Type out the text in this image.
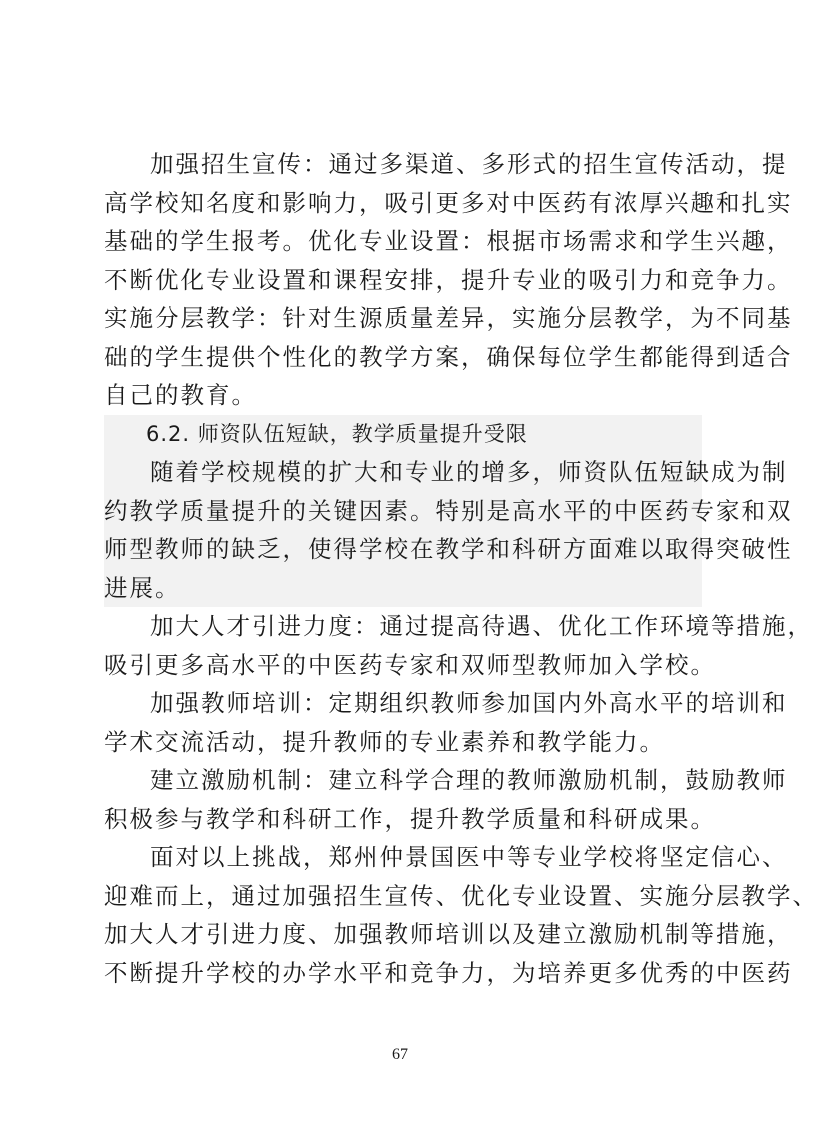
加强招生宣传：通过多渠道、多形式的招生宣传活动，提
高学校知名度和影响力，吸引更多对中医药有浓厚兴趣和扎实
基础的学生报考。优化专业设置：根据市场需求和学生兴趣，
不断优化专业设置和课程安排，提升专业的吸引力和竞争力。
实施分层教学：针对生源质量差异，实施分层教学，为不同基
础的学生提供个性化的教学方案，确保每位学生都能得到适合
自己的教育。
6.2. 师资队伍短缺，教学质量提升受限
随着学校规模的扩大和专业的增多，师资队伍短缺成为制
约教学质量提升的关键因素。特别是高水平的中医药专家和双
师型教师的缺乏，使得学校在教学和科研方面难以取得突破性
进展。
加大人才引进力度：通过提高待遇、优化工作环境等措施，
吸引更多高水平的中医药专家和双师型教师加入学校。
加强教师培训：定期组织教师参加国内外高水平的培训和
学术交流活动，提升教师的专业素养和教学能力。
建立激励机制：建立科学合理的教师激励机制，鼓励教师
积极参与教学和科研工作，提升教学质量和科研成果。
面对以上挑战，郑州仲景国医中等专业学校将坚定信心、
迎难而上，通过加强招生宣传、优化专业设置、实施分层教学、
加大人才引进力度、加强教师培训以及建立激励机制等措施，
不断提升学校的办学水平和竞争力，为培养更多优秀的中医药
67
